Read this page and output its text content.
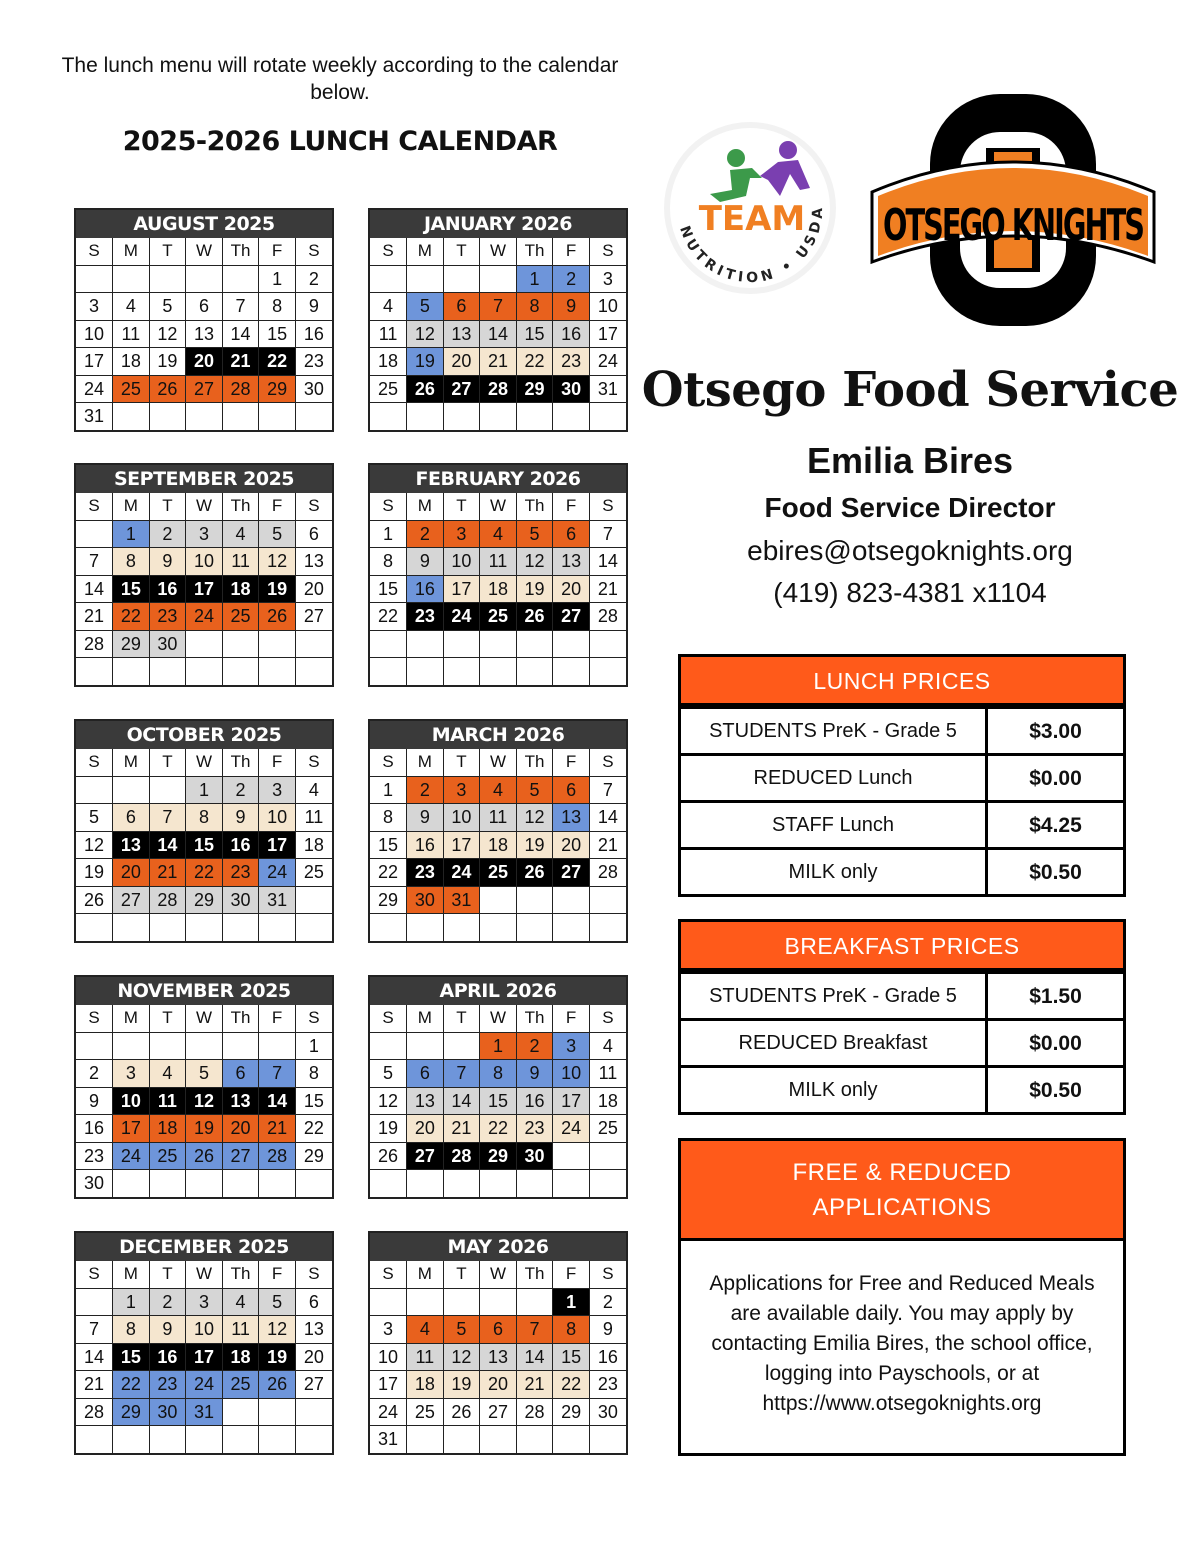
The lunch menu will rotate weekly according to the calendar below.
2025-2026 LUNCH CALENDAR
AUGUST 2025
S	M	T	W	Th	F	S
					1	2
3	4	5	6	7	8	9
10	11	12	13	14	15	16
17	18	19	20	21	22	23
24	25	26	27	28	29	30
31						
JANUARY 2026
S	M	T	W	Th	F	S
				1	2	3
4	5	6	7	8	9	10
11	12	13	14	15	16	17
18	19	20	21	22	23	24
25	26	27	28	29	30	31

SEPTEMBER 2025
S	M	T	W	Th	F	S
	1	2	3	4	5	6
7	8	9	10	11	12	13
14	15	16	17	18	19	20
21	22	23	24	25	26	27
28	29	30				

FEBRUARY 2026
S	M	T	W	Th	F	S
1	2	3	4	5	6	7
8	9	10	11	12	13	14
15	16	17	18	19	20	21
22	23	24	25	26	27	28

OCTOBER 2025
S	M	T	W	Th	F	S
			1	2	3	4
5	6	7	8	9	10	11
12	13	14	15	16	17	18
19	20	21	22	23	24	25
26	27	28	29	30	31	

MARCH 2026
S	M	T	W	Th	F	S
1	2	3	4	5	6	7
8	9	10	11	12	13	14
15	16	17	18	19	20	21
22	23	24	25	26	27	28
29	30	31				

NOVEMBER 2025
S	M	T	W	Th	F	S
						1
2	3	4	5	6	7	8
9	10	11	12	13	14	15
16	17	18	19	20	21	22
23	24	25	26	27	28	29
30						
APRIL 2026
S	M	T	W	Th	F	S
			1	2	3	4
5	6	7	8	9	10	11
12	13	14	15	16	17	18
19	20	21	22	23	24	25
26	27	28	29	30		

DECEMBER 2025
S	M	T	W	Th	F	S
	1	2	3	4	5	6
7	8	9	10	11	12	13
14	15	16	17	18	19	20
21	22	23	24	25	26	27
28	29	30	31			

MAY 2026
S	M	T	W	Th	F	S
					1	2
3	4	5	6	7	8	9
10	11	12	13	14	15	16
17	18	19	20	21	22	23
24	25	26	27	28	29	30
31						
TEAM
NUTRITION • USDA OTSEGO KNIGHTS
Otsego Food Service
Emilia Bires
Food Service Director
ebires@otsegoknights.org
(419) 823-4381 x1104
LUNCH PRICES
STUDENTS PreK - Grade 5	$3.00
REDUCED Lunch	$0.00
STAFF Lunch	$4.25
MILK only	$0.50
BREAKFAST PRICES
STUDENTS PreK - Grade 5	$1.50
REDUCED Breakfast	$0.00
MILK only	$0.50
FREE & REDUCED
APPLICATIONS
Applications for Free and Reduced Meals are available daily. You may apply by contacting Emilia Bires, the school office, logging into Payschools, or at https://www.otsegoknights.org
